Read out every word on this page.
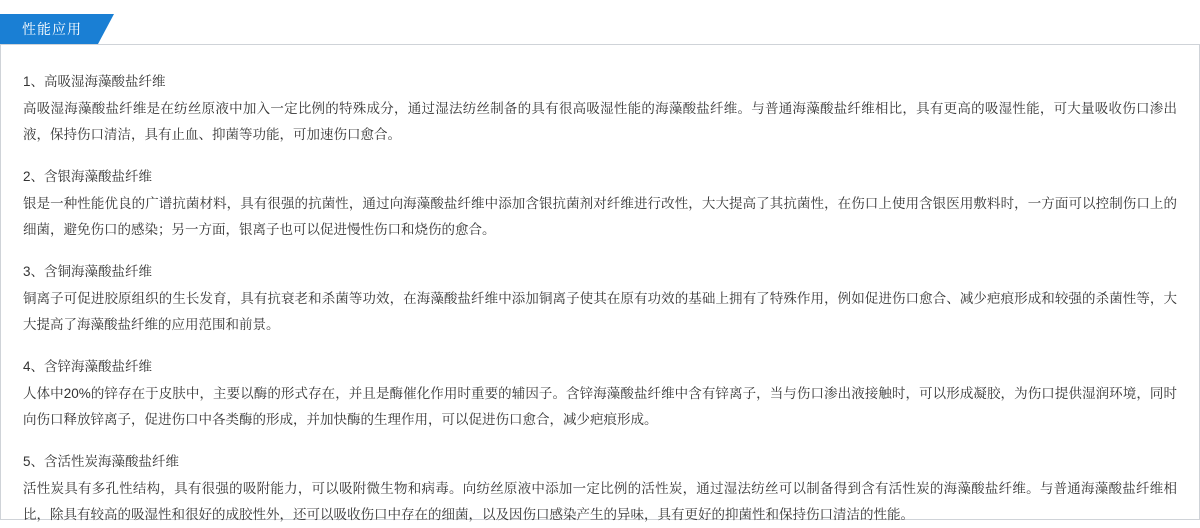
性能应用
1、高吸湿海藻酸盐纤维
高吸湿海藻酸盐纤维是在纺丝原液中加入一定比例的特殊成分，通过湿法纺丝制备的具有很高吸湿性能的海藻酸盐纤维。与普通海藻酸盐纤维相比，具有更高的吸湿性能，可大量吸收伤口渗出液，保持伤口清洁，具有止血、抑菌等功能，可加速伤口愈合。
2、含银海藻酸盐纤维
银是一种性能优良的广谱抗菌材料，具有很强的抗菌性，通过向海藻酸盐纤维中添加含银抗菌剂对纤维进行改性，大大提高了其抗菌性，在伤口上使用含银医用敷料时，一方面可以控制伤口上的细菌，避免伤口的感染；另一方面，银离子也可以促进慢性伤口和烧伤的愈合。
3、含铜海藻酸盐纤维
铜离子可促进胶原组织的生长发育，具有抗衰老和杀菌等功效，在海藻酸盐纤维中添加铜离子使其在原有功效的基础上拥有了特殊作用，例如促进伤口愈合、减少疤痕形成和较强的杀菌性等，大大提高了海藻酸盐纤维的应用范围和前景。
4、含锌海藻酸盐纤维
人体中20%的锌存在于皮肤中，主要以酶的形式存在，并且是酶催化作用时重要的辅因子。含锌海藻酸盐纤维中含有锌离子，当与伤口渗出液接触时，可以形成凝胶，为伤口提供湿润环境，同时向伤口释放锌离子，促进伤口中各类酶的形成，并加快酶的生理作用，可以促进伤口愈合，减少疤痕形成。
5、含活性炭海藻酸盐纤维
活性炭具有多孔性结构，具有很强的吸附能力，可以吸附微生物和病毒。向纺丝原液中添加一定比例的活性炭，通过湿法纺丝可以制备得到含有活性炭的海藻酸盐纤维。与普通海藻酸盐纤维相比，除具有较高的吸湿性和很好的成胶性外，还可以吸收伤口中存在的细菌，以及因伤口感染产生的异味，具有更好的抑菌性和保持伤口清洁的性能。
